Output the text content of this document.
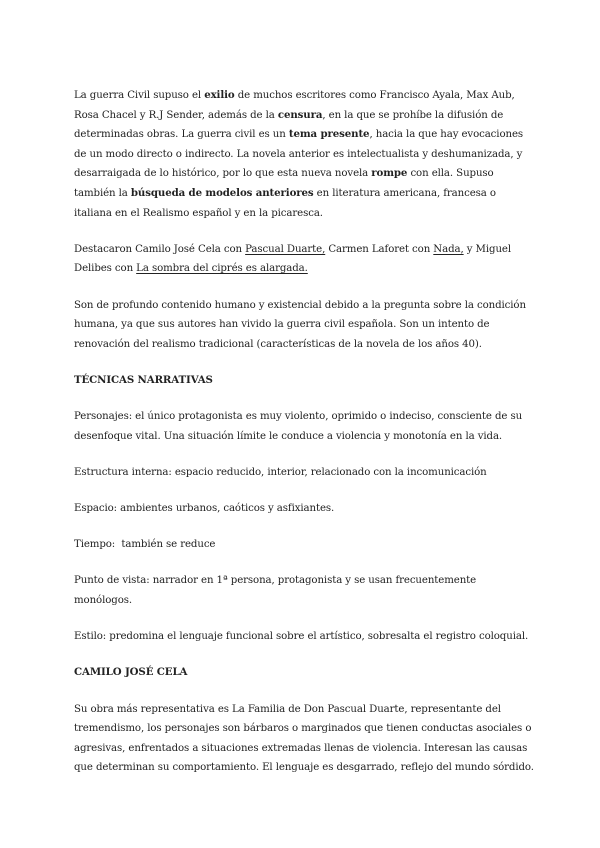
La guerra Civil supuso el exilio de muchos escritores como Francisco Ayala, Max Aub, Rosa Chacel y R.J Sender, además de la censura, en la que se prohíbe la difusión de determinadas obras. La guerra civil es un tema presente, hacia la que hay evocaciones de un modo directo o indirecto. La novela anterior es intelectualista y deshumanizada, y desarraigada de lo histórico, por lo que esta nueva novela rompe con ella. Supuso también la búsqueda de modelos anteriores en literatura americana, francesa o italiana en el Realismo español y en la picaresca.

Destacaron Camilo José Cela con Pascual Duarte, Carmen Laforet con Nada, y Miguel Delibes con La sombra del ciprés es alargada.

Son de profundo contenido humano y existencial debido a la pregunta sobre la condición humana, ya que sus autores han vivido la guerra civil española. Son un intento de renovación del realismo tradicional (características de la novela de los años 40).

TÉCNICAS NARRATIVAS

Personajes: el único protagonista es muy violento, oprimido o indeciso, consciente de su desenfoque vital. Una situación límite le conduce a violencia y monotonía en la vida.

Estructura interna: espacio reducido, interior, relacionado con la incomunicación

Espacio: ambientes urbanos, caóticos y asfixiantes.

Tiempo:  también se reduce

Punto de vista: narrador en 1ª persona, protagonista y se usan frecuentemente monólogos.

Estilo: predomina el lenguaje funcional sobre el artístico, sobresalta el registro coloquial.

CAMILO JOSÉ CELA

Su obra más representativa es La Familia de Don Pascual Duarte, representante del tremendismo, los personajes son bárbaros o marginados que tienen conductas asociales o agresivas, enfrentados a situaciones extremadas llenas de violencia. Interesan las causas que determinan su comportamiento. El lenguaje es desgarrado, reflejo del mundo sórdido.
